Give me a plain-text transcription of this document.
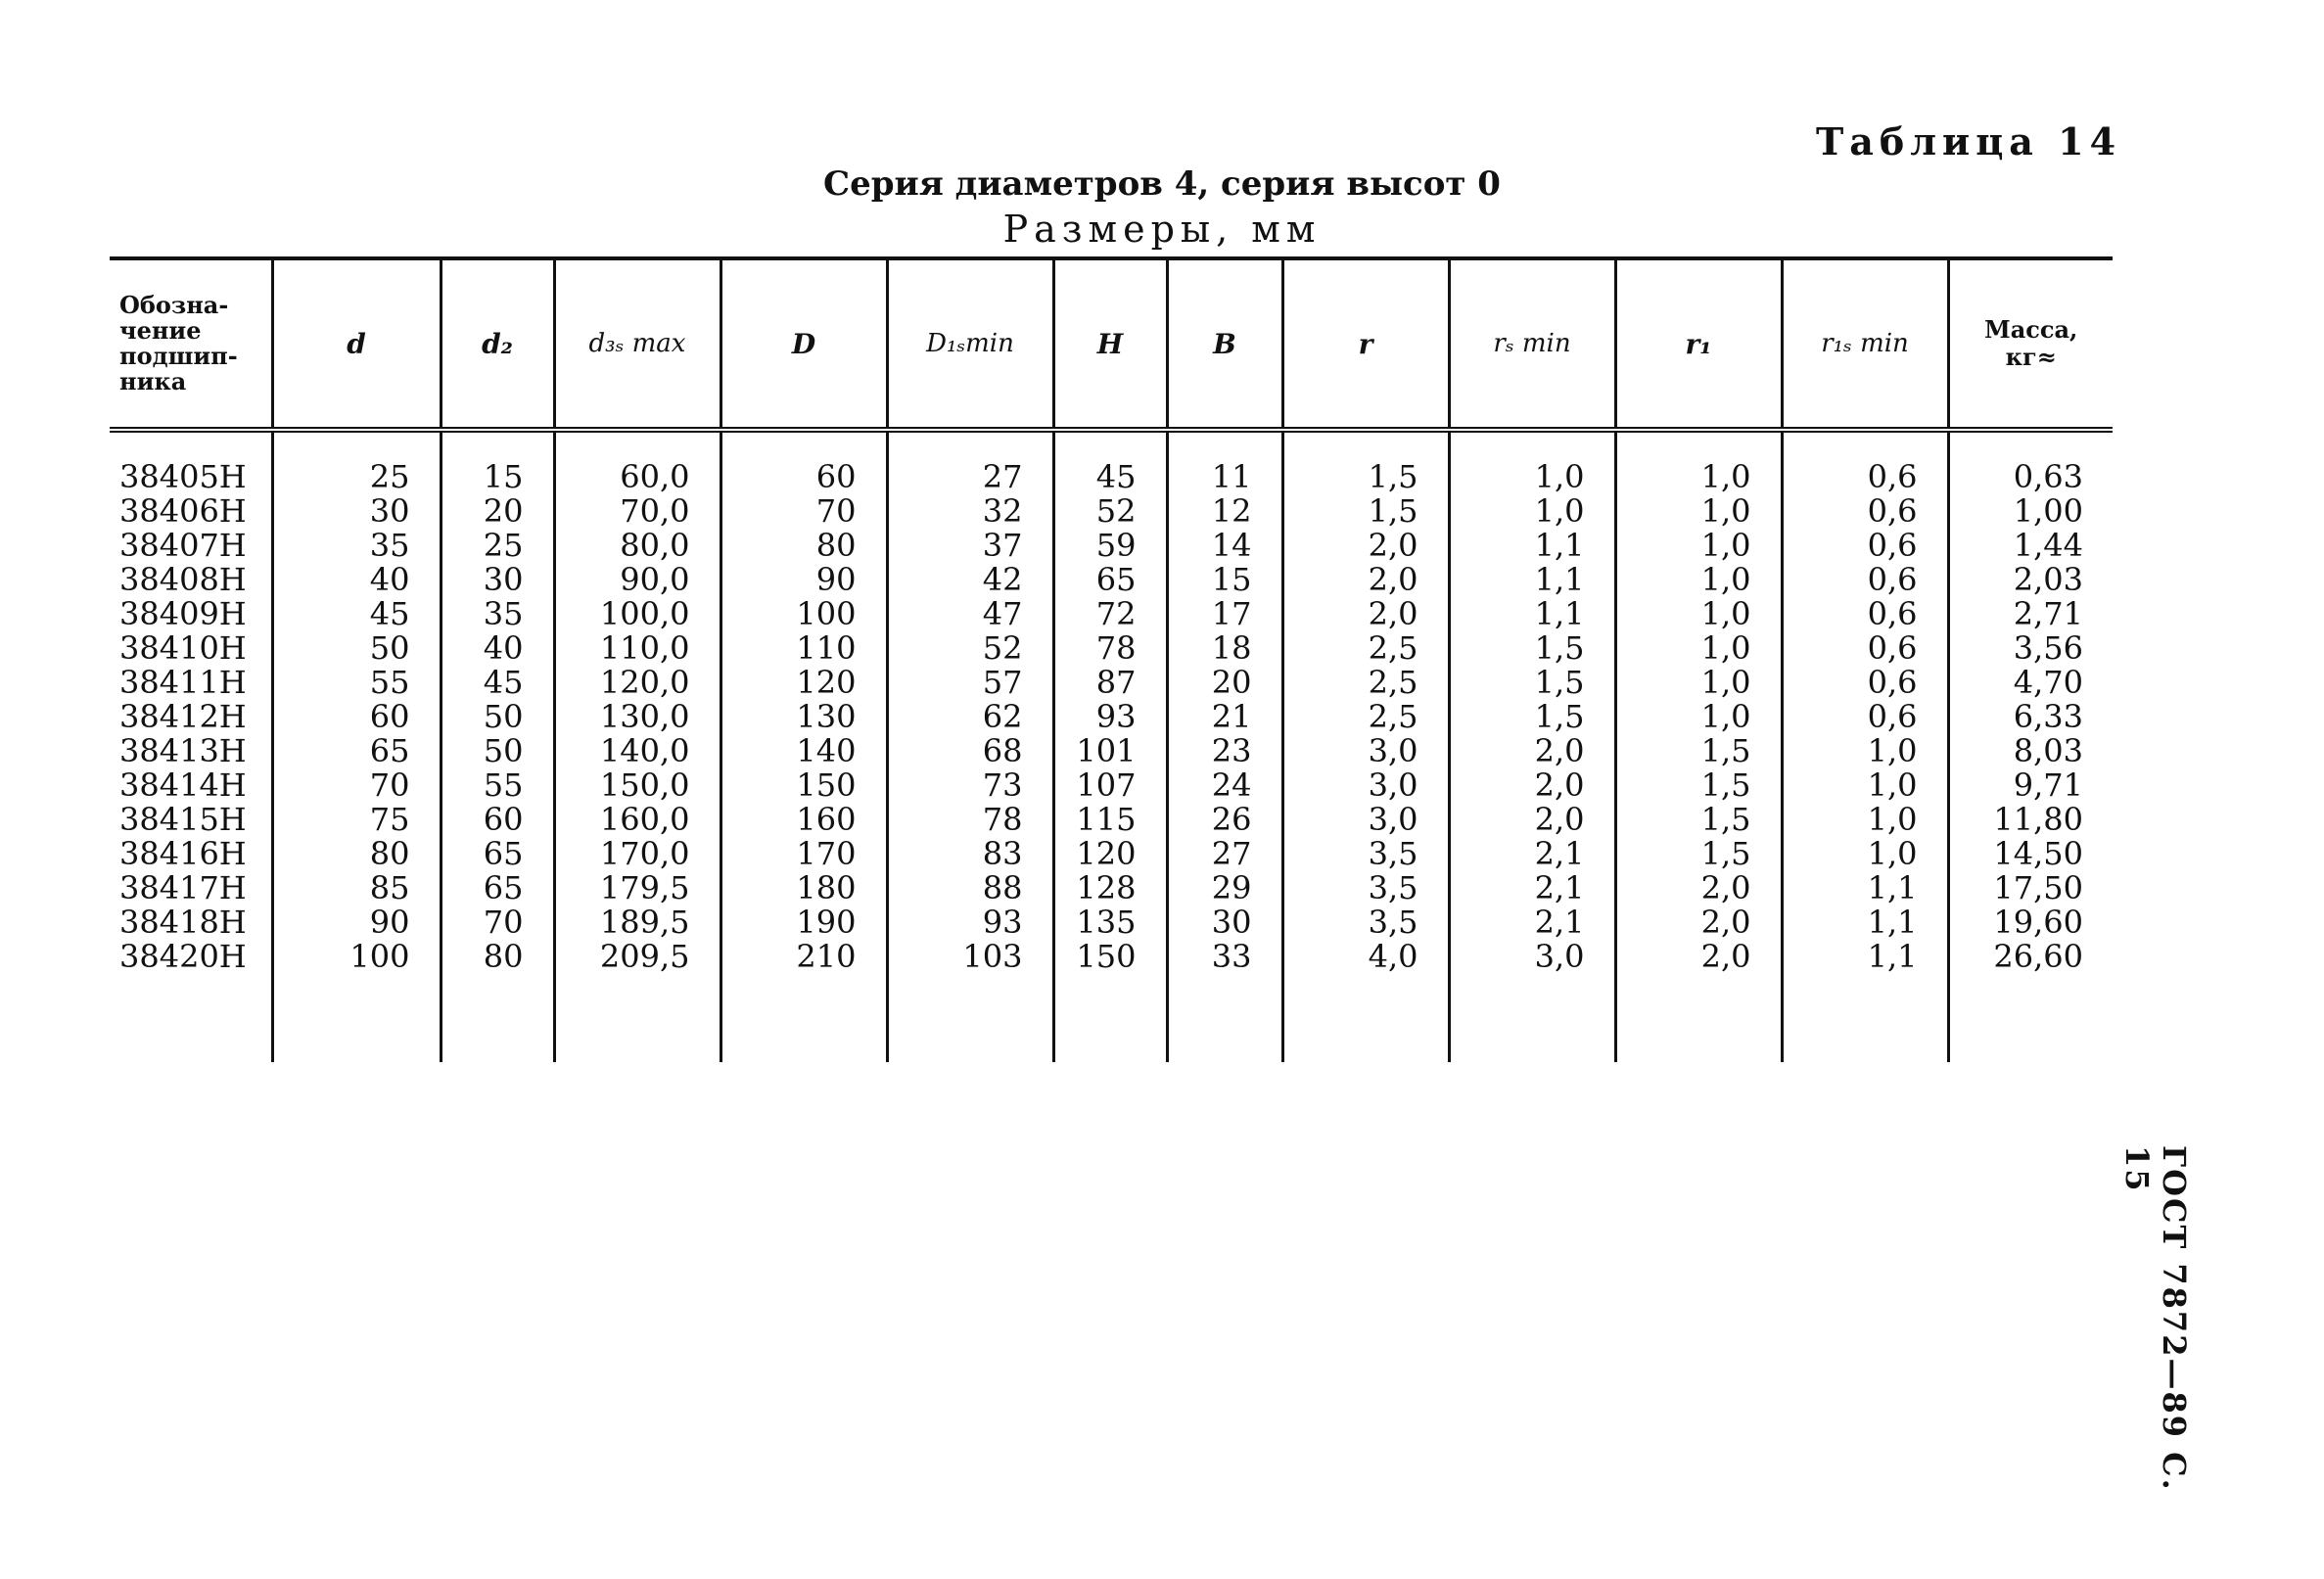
Таблица 14
Серия диаметров 4, серия высот 0
Размеры, мм
Обозна-
чение
подшип-
ника	d	d₂	d₃ₛ max	D	D₁ₛmin	H	B	r	rₛ min	r₁	r₁ₛ min	Масса,
кг≈

38405H	25	15	60,0	60	27	45	11	1,5	1,0	1,0	0,6	0,63
38406H	30	20	70,0	70	32	52	12	1,5	1,0	1,0	0,6	1,00
38407H	35	25	80,0	80	37	59	14	2,0	1,1	1,0	0,6	1,44
38408H	40	30	90,0	90	42	65	15	2,0	1,1	1,0	0,6	2,03
38409H	45	35	100,0	100	47	72	17	2,0	1,1	1,0	0,6	2,71
38410H	50	40	110,0	110	52	78	18	2,5	1,5	1,0	0,6	3,56
38411H	55	45	120,0	120	57	87	20	2,5	1,5	1,0	0,6	4,70
38412H	60	50	130,0	130	62	93	21	2,5	1,5	1,0	0,6	6,33
38413H	65	50	140,0	140	68	101	23	3,0	2,0	1,5	1,0	8,03
38414H	70	55	150,0	150	73	107	24	3,0	2,0	1,5	1,0	9,71
38415H	75	60	160,0	160	78	115	26	3,0	2,0	1,5	1,0	11,80
38416H	80	65	170,0	170	83	120	27	3,5	2,1	1,5	1,0	14,50
38417H	85	65	179,5	180	88	128	29	3,5	2,1	2,0	1,1	17,50
38418H	90	70	189,5	190	93	135	30	3,5	2,1	2,0	1,1	19,60
38420H	100	80	209,5	210	103	150	33	4,0	3,0	2,0	1,1	26,60

ГОСТ 7872—89 С. 15
